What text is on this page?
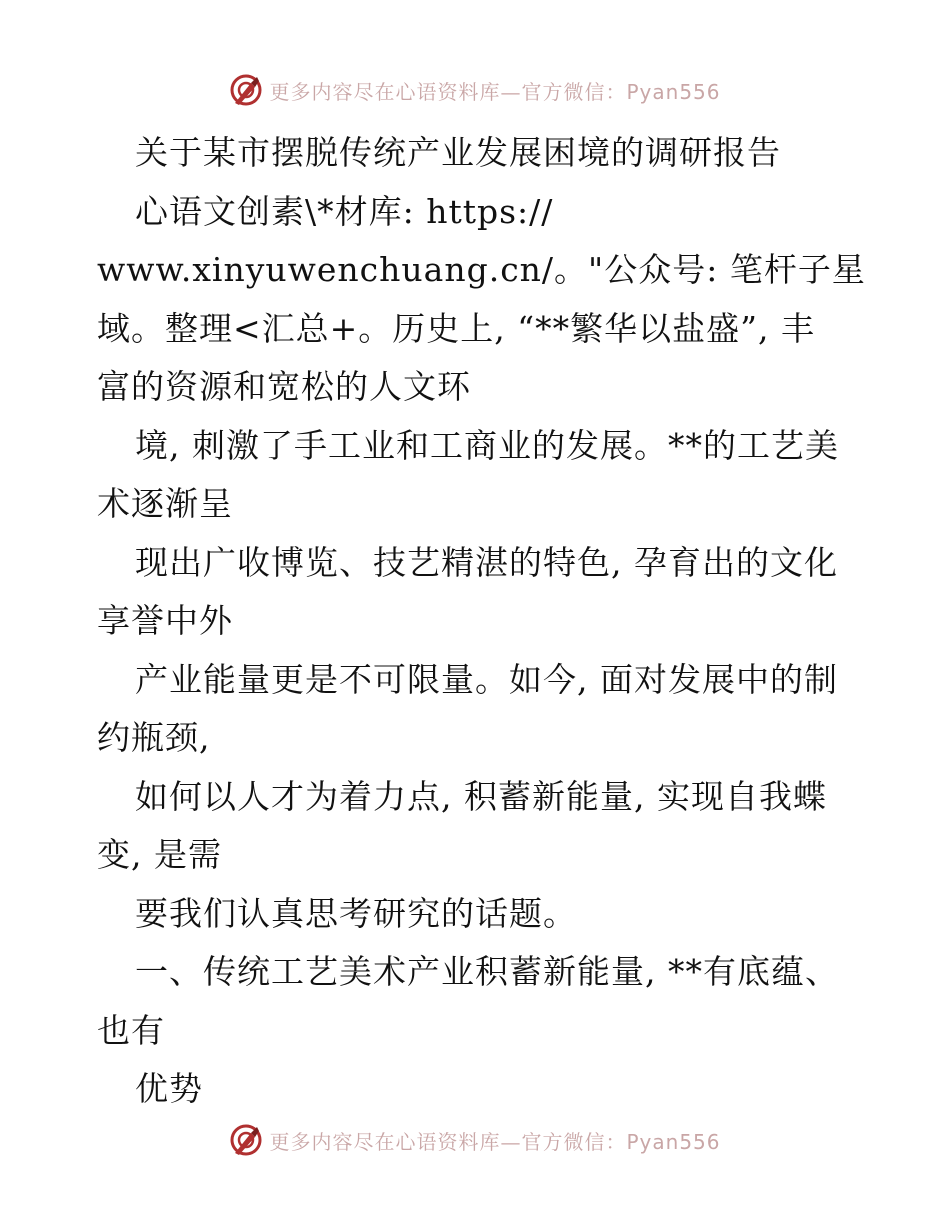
更多内容尽在心语资料库—官方微信：Pyan556
关于某市摆脱传统产业发展困境的调研报告
心语文创素\*材库: https://
www.xinyuwenchuang.cn/。"公众号: 笔杆子星
域。整理<汇总+。历史上, “**繁华以盐盛”, 丰
富的资源和宽松的人文环
境, 刺激了手工业和工商业的发展。**的工艺美
术逐渐呈
现出广收博览、技艺精湛的特色, 孕育出的文化
享誉中外
产业能量更是不可限量。如今, 面对发展中的制
约瓶颈,
如何以人才为着力点, 积蓄新能量, 实现自我蝶
变, 是需
要我们认真思考研究的话题。
一、传统工艺美术产业积蓄新能量, **有底蕴、
也有
优势
更多内容尽在心语资料库—官方微信：Pyan556
